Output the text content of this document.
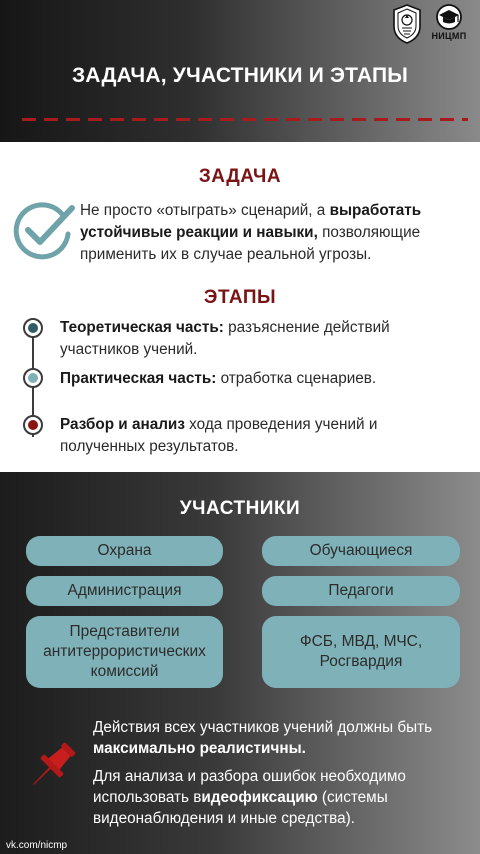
НИЦМП
ЗАДАЧА, УЧАСТНИКИ И ЭТАПЫ
ЗАДАЧА
Не просто «отыграть» сценарий, а выработать устойчивые реакции и навыки, позволяющие применить их в случае реальной угрозы.
ЭТАПЫ
Теоретическая часть: разъяснение действий участников учений.
Практическая часть: отработка сценариев.
Разбор и анализ хода проведения учений и полученных результатов.
УЧАСТНИКИ
Охрана	Обучающиеся
Администрация	Педагоги
Представители антитеррористических комиссий
ФСБ, МВД, МЧС, Росгвардия
Действия всех участников учений должны быть максимально реалистичны.
Для анализа и разбора ошибок необходимо использовать видеофиксацию (системы видеонаблюдения и иные средства).
vk.com/nicmp
